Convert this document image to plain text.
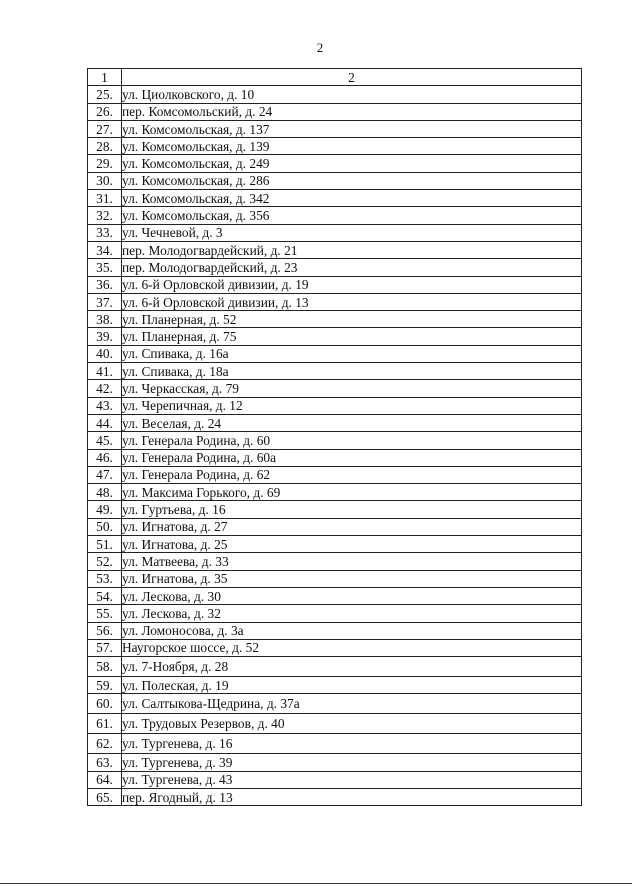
2
1	2
25.	ул. Циолковского, д. 10
26.	пер. Комсомольский, д. 24
27.	ул. Комсомольская, д. 137
28.	ул. Комсомольская, д. 139
29.	ул. Комсомольская, д. 249
30.	ул. Комсомольская, д. 286
31.	ул. Комсомольская, д. 342
32.	ул. Комсомольская, д. 356
33.	ул. Чечневой, д. 3
34.	пер. Молодогвардейский, д. 21
35.	пер. Молодогвардейский, д. 23
36.	ул. 6-й Орловской дивизии, д. 19
37.	ул. 6-й Орловской дивизии, д. 13
38.	ул. Планерная, д. 52
39.	ул. Планерная, д. 75
40.	ул. Спивака, д. 16а
41.	ул. Спивака, д. 18а
42.	ул. Черкасская, д. 79
43.	ул. Черепичная, д. 12
44.	ул. Веселая, д. 24
45.	ул. Генерала Родина, д. 60
46.	ул. Генерала Родина, д. 60а
47.	ул. Генерала Родина, д. 62
48.	ул. Максима Горького, д. 69
49.	ул. Гуртьева, д. 16
50.	ул. Игнатова, д. 27
51.	ул. Игнатова, д. 25
52.	ул. Матвеева, д. 33
53.	ул. Игнатова, д. 35
54.	ул. Лескова, д. 30
55.	ул. Лескова, д. 32
56.	ул. Ломоносова, д. 3а
57.	Наугорское шоссе, д. 52
58.	ул. 7-Ноября, д. 28
59.	ул. Полеская, д. 19
60.	ул. Салтыкова-Щедрина, д. 37а
61.	ул. Трудовых Резервов, д. 40
62.	ул. Тургенева, д. 16
63.	ул. Тургенева, д. 39
64.	ул. Тургенева, д. 43
65.	пер. Ягодный, д. 13
